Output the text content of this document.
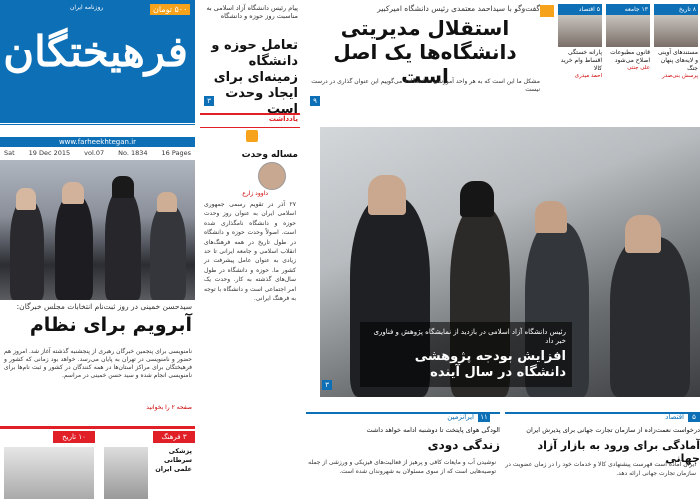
۵۰۰ تومان
روزنامه ایران
فرهیختگان
شنبه شماره ۱۸۳۴
۲۸ آذر ۱۳۹۴
۷ ربیع‌الاول ۱۴۳۷
۱۹ دسامبر ۲۰۱۵
www.farheekhtegan.ir
Sat 19 Dec 2015 vol.07 No. 1834 16 Pages
سیدحسن خمینی در روز ثبت‌نام انتخابات مجلس خبرگان:
آبرویم برای نظام
نامنویسی برای پنجمین خبرگان رهبری از پنجشنبه گذشته آغاز شد. امروز هم حضور و نامنویسی در تهران به پایان می‌رسد. خواهد بود زمانی که کشور و فرهیختگان برای مراکز استان‌ها در همه کنندگان در کشور و ثبت نام‌ها برای نامنویسی انجام شده و سید حسن خمینی در مراسم.
صفحه ۲ را بخوانید
۳ فرهنگ
۱۰ تاریخ
پزشکی سرطانی علمی ایران
پیام رئیس دانشگاه آزاد اسلامی به مناسبت روز حوزه و دانشگاه
تعامل حوزه و دانشگاه زمینه‌ای برای ایجاد وحدت است
۳
یادداشت
مساله وحدت
داوود زارع
۲۷ آذر در تقویم رسمی جمهوری اسلامی ایران به عنوان روز وحدت حوزه و دانشگاه نامگذاری شده است. اصولاً وحدت حوزه و دانشگاه در طول تاریخ در همه فرهنگ‌های انقلاب اسلامی و جامعه ایرانی تا حد زیادی به عنوان عامل پیشرفت در کشور ما. حوزه و دانشگاه در طول سال‌های گذشته به کار. وحدت یک امر اجتماعی است و دانشگاه با توجه به فرهنگ ایرانی.
گفت‌وگو با سیداحمد معتمدی رئیس دانشگاه امیرکبیر
استقلال مدیریتی دانشگاه‌ها یک اصل است
مشکل ما این است که به هر واحد آموزشی «دانشگاه» می‌گوییم این عنوان گذاری در درست نیست
۹
۸ تاریخ
مستندهای آوینی و لایه‌های پنهان جنگ
پرسش بنی‌صدر
۱۳ جامعه
قانون مطبوعات اصلاح می‌شود
علی جنتی
۵ اقتصاد
پارانه خستگی اقساط وام خرید کالا
احمد میدری
رئیس دانشگاه آزاد اسلامی در بازدید از نمایشگاه پژوهش و فناوری خبر داد
افزایش بودجه پژوهشی دانشگاه در سال آینده
۳
۱۱
ایرانزمین
الودگی هوای پایتخت تا دوشنبه ادامه خواهد داشت
زندگی دودی
نوشیدن آب و مایعات کافی و پرهیز از فعالیت‌های فیزیکی و ورزشی از جمله توصیه‌هایی است که از سوی مسئولان به شهروندان شده است.
۵
اقتصاد
درخواست نعمت‌زاده از سازمان تجارت جهانی برای پذیرش ایران
آمادگی برای ورود به بازار آزاد جهانی
ایران آماده است فهرست پیشنهادی کالا و خدمات خود را در زمان عضویت در سازمان تجارت جهانی ارائه دهد.
